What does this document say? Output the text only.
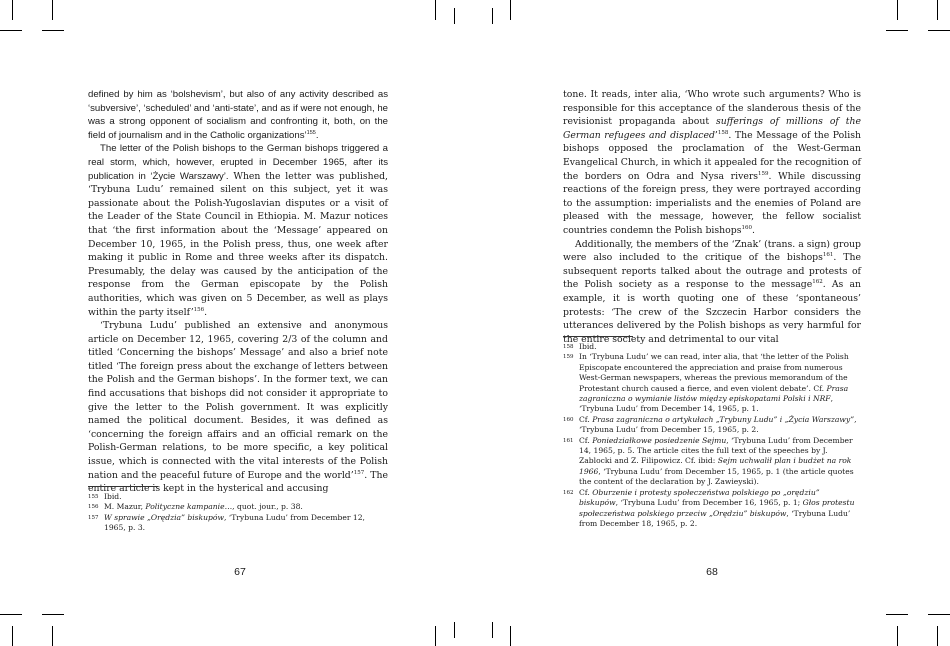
defined by him as ‘bolshevism’, but also of any activity described as ‘subversive’, ‘scheduled’ and ‘anti-state’, and as if were not enough, he was a strong opponent of socialism and confronting it, both, on the field of journalism and in the Catholic organizations’$^{155}$.

The letter of the Polish bishops to the German bishops triggered a real storm, which, however, erupted in December 1965, after its publication in ‘Życie Warszawy’. When the letter was published, ‘Trybuna Ludu’ remained silent on this subject, yet it was passionate about the Polish-Yugoslavian disputes or a visit of the Leader of the State Council in Ethiopia. M. Mazur notices that ‘the first information about the ‘Message’ appeared on December 10, 1965, in the Polish press, thus, one week after making it public in Rome and three weeks after its dispatch. Presumably, the delay was caused by the anticipation of the response from the German episcopate by the Polish authorities, which was given on 5 December, as well as plays within the party itself’$^{156}$.

‘Trybuna Ludu’ published an extensive and anonymous article on December 12, 1965, covering 2/3 of the column and titled ‘Concerning the bishops’ Message’ and also a brief note titled ‘The foreign press about the exchange of letters between the Polish and the German bishops’. In the former text, we can find accusations that bishops did not consider it appropriate to give the letter to the Polish government. It was explicitly named the political document. Besides, it was defined as ‘concerning the foreign affairs and an official remark on the Polish-German relations, to be more specific, a key political issue, which is connected with the vital interests of the Polish nation and the peaceful future of Europe and the world’$^{157}$. The entire article is kept in the hysterical and accusing

155 Ibid.
156 M. Mazur, Polityczne kampanie…, quot. jour., p. 38.
157 W sprawie „Orędzia” biskupów, ‘Trybuna Ludu’ from December 12, 1965, p. 3.
67

tone. It reads, inter alia, ‘Who wrote such arguments? Who is responsible for this acceptance of the slanderous thesis of the revisionist propaganda about sufferings of millions of the German refugees and displaced’$^{158}$. The Message of the Polish bishops opposed the proclamation of the West-German Evangelical Church, in which it appealed for the recognition of the borders on Odra and Nysa rivers$^{159}$. While discussing reactions of the foreign press, they were portrayed according to the assumption: imperialists and the enemies of Poland are pleased with the message, however, the fellow socialist countries condemn the Polish bishops$^{160}$.

Additionally, the members of the ‘Znak’ (trans. a sign) group were also included to the critique of the bishops$^{161}$. The subsequent reports talked about the outrage and protests of the Polish society as a response to the message$^{162}$. As an example, it is worth quoting one of these ‘spontaneous’ protests: ‘The crew of the Szczecin Harbor considers the utterances delivered by the Polish bishops as very harmful for the entire society and detrimental to our vital

158 Ibid.
159 In ‘Trybuna Ludu’ we can read, inter alia, that ‘the letter of the Polish Episcopate encountered the appreciation and praise from numerous West-German newspapers, whereas the previous memorandum of the Protestant church caused a fierce, and even violent debate’. Cf. Prasa zagraniczna o wymianie listów między episkopatami Polski i NRF, ‘Trybuna Ludu’ from December 14, 1965, p. 1.
160 Cf. Prasa zagraniczna o artykułach „Trybuny Ludu” i „Życia Warszawy”, ‘Trybuna Ludu’ from December 15, 1965, p. 2.
161 Cf. Poniedziałkowe posiedzenie Sejmu, ‘Trybuna Ludu’ from December 14, 1965, p. 5. The article cites the full text of the speeches by J. Zablocki and Z. Filipowicz. Cf. ibid: Sejm uchwalił plan i budżet na rok 1966, ‘Trybuna Ludu’ from December 15, 1965, p. 1 (the article quotes the content of the declaration by J. Zawieyski).
162 Cf. Oburzenie i protesty społeczeństwa polskiego po „orędziu” biskupów, ‘Trybuna Ludu’ from December 16, 1965, p. 1; Głos protestu społeczeństwa polskiego przeciw „Orędziu” biskupów, ‘Trybuna Ludu’ from December 18, 1965, p. 2.
68
